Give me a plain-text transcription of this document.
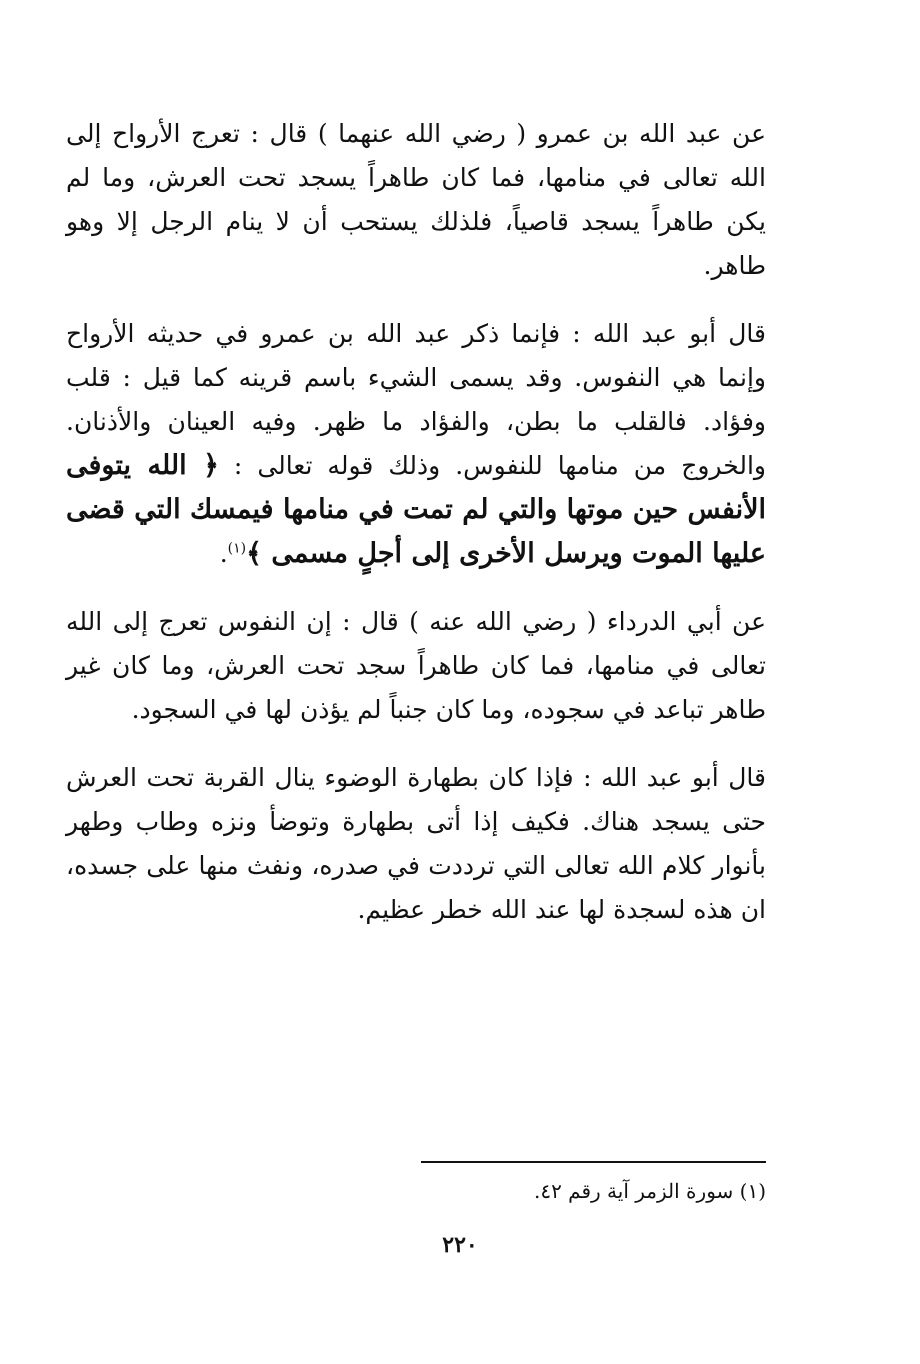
عن عبد الله بن عمرو ( رضي الله عنهما ) قال : تعرج الأرواح إلى الله تعالى في منامها، فما كان طاهراً يسجد تحت العرش، وما لم يكن طاهراً يسجد قاصياً، فلذلك يستحب أن لا ينام الرجل إلا وهو طاهر.

قال أبو عبد الله : فإنما ذكر عبد الله بن عمرو في حديثه الأرواح وإنما هي النفوس. وقد يسمى الشيء باسم قرينه كما قيل : قلب وفؤاد. فالقلب ما بطن، والفؤاد ما ظهر. وفيه العينان والأذنان. والخروج من منامها للنفوس. وذلك قوله تعالى : ﴿ الله يتوفى الأنفس حين موتها والتي لم تمت في منامها فيمسك التي قضى عليها الموت ويرسل الأخرى إلى أجلٍ مسمى ﴾$^{(١)}$.

عن أبي الدرداء ( رضي الله عنه ) قال : إن النفوس تعرج إلى الله تعالى في منامها، فما كان طاهراً سجد تحت العرش، وما كان غير طاهر تباعد في سجوده، وما كان جنباً لم يؤذن لها في السجود.

قال أبو عبد الله : فإذا كان بطهارة الوضوء ينال القربة تحت العرش حتى يسجد هناك. فكيف إذا أتى بطهارة وتوضأ ونزه وطاب وطهر بأنوار كلام الله تعالى التي ترددت في صدره، ونفث منها على جسده، ان هذه لسجدة لها عند الله خطر عظيم.

(١) سورة الزمر آية رقم ٤٢.
٢٢٠
